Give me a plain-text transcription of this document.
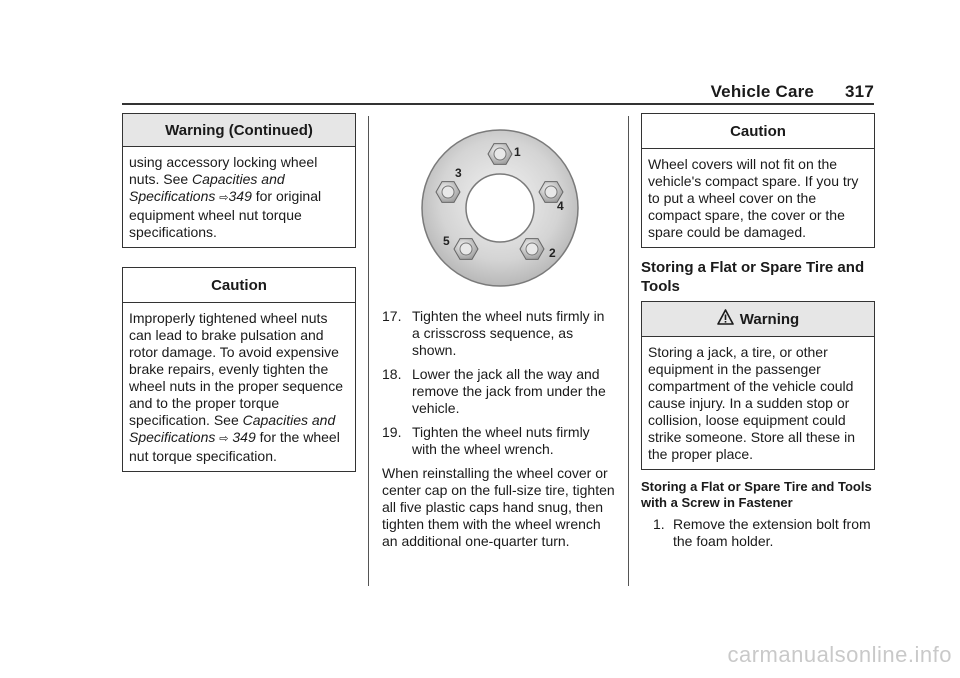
Vehicle Care 317
Warning (Continued)
using accessory locking wheel nuts. See Capacities and Specifications ⇨349 for original equipment wheel nut torque specifications.
Caution
Improperly tightened wheel nuts can lead to brake pulsation and rotor damage. To avoid expensive brake repairs, evenly tighten the wheel nuts in the proper sequence and to the proper torque specification. See Capacities and Specifications ⇨ 349 for the wheel nut torque specification.
1
2
3
4
5
17. Tighten the wheel nuts firmly in a crisscross sequence, as shown.
18. Lower the jack all the way and remove the jack from under the vehicle.
19. Tighten the wheel nuts firmly with the wheel wrench.
When reinstalling the wheel cover or center cap on the full-size tire, tighten all five plastic caps hand snug, then tighten them with the wheel wrench an additional one-quarter turn.
Caution
Wheel covers will not fit on the vehicle's compact spare. If you try to put a wheel cover on the compact spare, the cover or the spare could be damaged.
Storing a Flat or Spare Tire and Tools
Warning
Storing a jack, a tire, or other equipment in the passenger compartment of the vehicle could cause injury. In a sudden stop or collision, loose equipment could strike someone. Store all these in the proper place.
Storing a Flat or Spare Tire and Tools with a Screw in Fastener
1. Remove the extension bolt from the foam holder.
carmanualsonline.info
